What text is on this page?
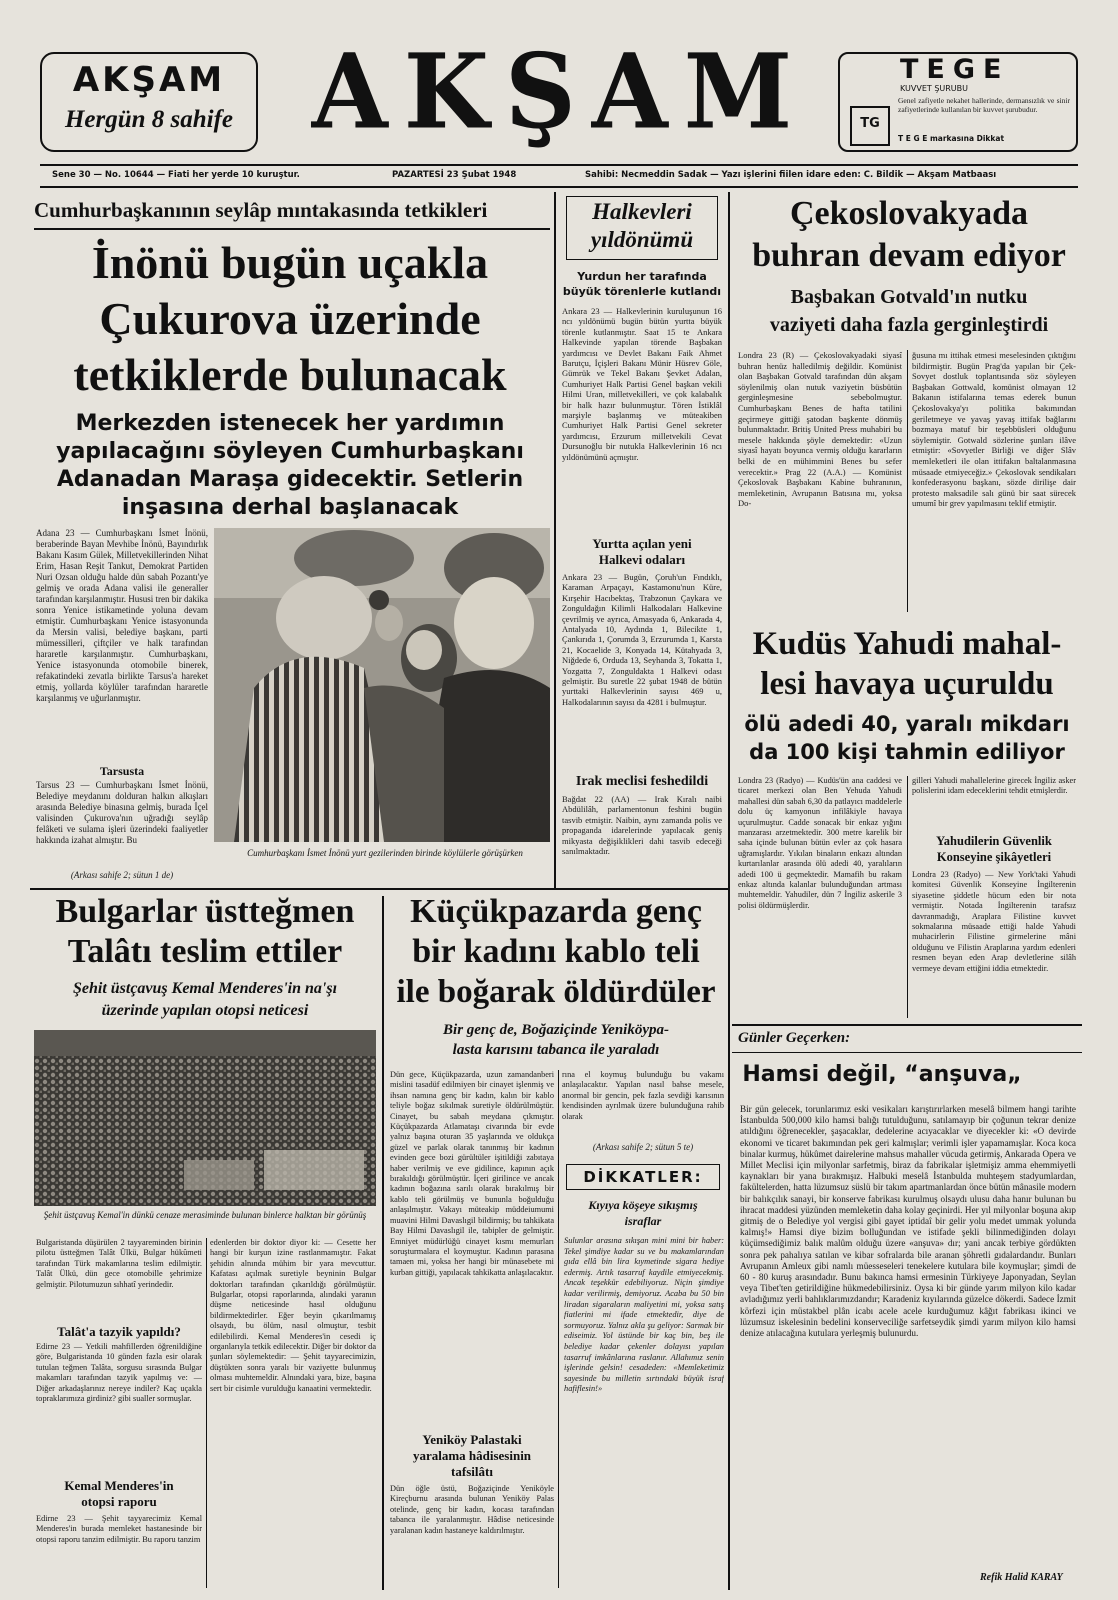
AKŞAM
Hergün 8 sahife AKŞAM	TEGE
KUVVET ŞURUBU
TG
Genel zafiyetle nekahet hallerinde, dermansızlık ve sinir zafiyetlerinde kullanılan bir kuvvet şurubudur.
T E G E markasına Dikkat
Sene 30 — No. 10644 — Fiati her yerde 10 kuruştur.	PAZARTESİ 23 Şubat 1948	Sahibi: Necmeddin Sadak — Yazı işlerini fiilen idare eden: C. Bildik — Akşam Matbaası
Cumhurbaşkanının seylâp mıntakasında tetkikleri
İnönü bugün uçakla
Çukurova üzerinde
tetkiklerde bulunacak
Merkezden istenecek her yardımın
yapılacağını söyleyen Cumhurbaşkanı
Adanadan Maraşa gidecektir. Setlerin
inşasına derhal başlanacak
Adana 23 — Cumhurbaşkanı İsmet İnönü, beraberinde Bayan Mevhibe İnönü, Bayındırlık Bakanı Kasım Gülek, Milletvekillerinden Nihat Erim, Hasan Reşit Tankut, Demokrat Partiden Nuri Ozsan olduğu halde dün sabah Pozantı'ye gelmiş ve orada Adana valisi ile generaller tarafından karşılanmıştır. Hususi tren bir dakika sonra Yenice istikametinde yoluna devam etmiştir. Cumhurbaşkanı Yenice istasyonunda da Mersin valisi, belediye başkanı, parti mümessilleri, çiftçiler ve halk tarafından hararetle karşılanmıştır. Cumhurbaşkanı, Yenice istasyonunda otomobile binerek, refakatindeki zevatla birlikte Tarsus'a hareket etmiş, yollarda köylüler tarafından hararetle karşılanmış ve uğurlanmıştır.
Tarsusta
Tarsus 23 — Cumhurbaşkanı İsmet İnönü, Belediye meydanını dolduran halkın alkışları arasında Belediye binasına gelmiş, burada İçel valisinden Çukurova'nın uğradığı seylâp felâketi ve sulama işleri üzerindeki faaliyetler hakkında izahat almıştır. Bu
(Arkası sahife 2; sütun 1 de)
Cumhurbaşkanı İsmet İnönü yurt gezilerinden birinde köylülerle görüşürken
Halkevleri
yıldönümü
Yurdun her tarafında
büyük törenlerle kutlandı
Ankara 23 — Halkevlerinin kuruluşunun 16 ncı yıldönümü bugün bütün yurtta büyük törenle kutlanmıştır. Saat 15 te Ankara Halkevinde yapılan törende Başbakan yardımcısı ve Devlet Bakanı Faik Ahmet Barutçu, İçişleri Bakanı Münir Hüsrev Göle, Gümrük ve Tekel Bakanı Şevket Adalan, Cumhuriyet Halk Partisi Genel başkan vekili Hilmi Uran, milletvekilleri, ve çok kalabalık bir halk hazır bulunmuştur. Tören İstiklâl marşiyle başlanmış ve müteakiben Cumhuriyet Halk Partisi Genel sekreter yardımcısı, Erzurum milletvekili Cevat Dursunoğlu bir nutukla Halkevlerinin 16 ncı yıldönümünü açmıştır.
Yurtta açılan yeni
Halkevi odaları
Ankara 23 — Bugün, Çoruh'un Fındıklı, Karaman Arpaçayı, Kastamonu'nun Küre, Kırşehir Hacıbektaş, Trabzonun Çaykara ve Zonguldağın Kilimli Halkodaları Halkevine çevrilmiş ve ayrıca, Amasyada 6, Ankarada 4, Antalyada 10, Aydında 1, Bilecikte 1, Çankırıda 1, Çorumda 3, Erzurumda 1, Karsta 21, Kocaelide 3, Konyada 14, Kütahyada 3, Niğdede 6, Orduda 13, Seyhanda 3, Tokatta 1, Yozgatta 7, Zonguldakta 1 Halkevi odası gelmiştir. Bu suretle 22 şubat 1948 de bütün yurttaki Halkevlerinin sayısı 469 u, Halkodalarının sayısı da 4281 i bulmuştur.
Irak meclisi feshedildi
Bağdat 22 (AA) — Irak Kıralı naibi Abdülilâh, parlamentonun feshini bugün tasvib etmiştir. Naibin, aynı zamanda polis ve propaganda idarelerinde yapılacak geniş mikyasta değişiklikleri dahi tasvib edeceği sanılmaktadır.
Çekoslovakyada
buhran devam ediyor
Başbakan Gotvald'ın nutku
vaziyeti daha fazla gerginleştirdi
Londra 23 (R) — Çekoslovakyadaki siyasî buhran henüz halledilmiş değildir. Komünist olan Başbakan Gotvald tarafından dün akşam söylenilmiş olan nutuk vaziyetin büsbütün gerginleşmesine sebebolmuştur. Cumhurbaşkanı Benes de hafta tatilini geçirmeye gittiği şatodan başkente dönmüş bulunmaktadır. Britiş United Press muhabiri bu mesele hakkında şöyle demektedir: «Uzun siyasî hayatı boyunca vermiş olduğu kararların belki de en mühimmini Benes bu sefer verecektir.» Prag 22 (A.A.) — Komünist Çekoslovak Başbakanı Kabine buhranının, memleketinin, Avrupanın Batısına mı, yoksa Do-
ğusuna mı ittihak etmesi meselesinden çıktığını bildirmiştir. Bugün Prag'da yapılan bir Çek-Sovyet dostluk toplantısında söz söyleyen Başbakan Gottwald, komünist olmayan 12 Bakanın istifalarına temas ederek bunun Çekoslovakya'yı politika bakımından geriletmeye ve yavaş yavaş ittifak bağlarını bozmaya matuf bir teşebbüsleri olduğunu söylemiştir. Gotwald sözlerine şunları ilâve etmiştir: «Sovyetler Birliği ve diğer Slâv memleketleri ile olan ittifakın baltalanmasına müsaade etmiyeceğiz.» Çekoslovak sendikaları konfederasyonu başkanı, sözde dirilişe dair protesto maksadile salı günü bir saat sürecek umumî bir grev yapılmasını teklif etmiştir.
Kudüs Yahudi mahal-
lesi havaya uçuruldu
ölü adedi 40, yaralı mikdarı
da 100 kişi tahmin ediliyor
Londra 23 (Radyo) — Kudüs'ün ana caddesi ve ticaret merkezi olan Ben Yehuda Yahudi mahallesi dün sabah 6,30 da patlayıcı maddelerle dolu üç kamyonun infilâkiyle havaya uçurulmuştur. Cadde sonacak bir enkaz yığını manzarası arzetmektedir. 300 metre karelik bir saha içinde bulunan bütün evler az çok hasara uğramışlardır. Yıkılan binaların enkazı altından kurtarılanlar arasında ölü adedi 40, yaralıların adedi 100 ü geçmektedir. Mamafih bu rakam enkaz altında kalanlar bulunduğundan artması muhtemeldir. Yahudiler, dün 7 İngiliz askerile 3 polisi öldürmüşlerdir.
gilleri Yahudi mahallelerine girecek İngiliz asker polislerini idam edeceklerini tehdit etmişlerdir.
Yahudilerin Güvenlik
Konseyine şikâyetleri
Londra 23 (Radyo) — New York'taki Yahudi komitesi Güvenlik Konseyine İngilterenin siyasetine şiddetle hücum eden bir nota vermiştir. Notada İngilterenin tarafsız davranmadığı, Araplara Filistine kuvvet sokmalarına müsaade ettiği halde Yahudi muhacirlerin Filistine girmelerine mâni olduğunu ve Filistin Araplarına yardım edenleri resmen beyan eden Arap devletlerine silâh vermeye devam ettiğini iddia etmektedir.
Günler Geçerken:
Hamsi değil, “anşuva„
Bir gün gelecek, torunlarımız eski vesikaları karıştırırlarken meselâ bilmem hangi tarihte İstanbulda 500,000 kilo hamsi balığı tutulduğunu, satılamayıp bir çoğunun tekrar denize atıldığını öğrenecekler, şaşacaklar, dedelerine acıyacaklar ve diyecekler ki: «O devirde ekonomi ve ticaret bakımından pek geri kalmışlar; verimli işler yapamamışlar. Koca koca binalar kurmuş, hükûmet dairelerine mahsus mahaller vücuda getirmiş, Ankarada Opera ve Millet Meclisi için milyonlar sarfetmiş, biraz da fabrikalar işletmişiz amma ehemmiyetli kaynakları bir yana bırakmışız. Halbuki meselâ İstanbulda muhteşem stadyumlardan, fakültelerden, hatta lüzumsuz süslü bir takım apartmanlardan önce bütün mânasile modern bir balıkçılık sanayi, bir konserve fabrikası kurulmuş olsaydı ulusu daha hanır bulunan bu ihracat maddesi yüzünden memleketin daha kolay geçinirdi. Her yıl milyonlar boşuna akıp gitmiş de o Belediye yol vergisi gibi gayet iptidaî bir gelir yolu medet ummak yolunda kalmış!» Hamsi diye bizim bolluğundan ve istifade şekli bilinmediğinden dolayı küçümsediğimiz balık malûm olduğu üzere «anşuva» dır; yani ancak terbiye gördükten sonra pek pahalıya satılan ve kibar sofralarda bile aranan şöhretli gıdalardandır. Bunları Avrupanın Amleux gibi namlı müesseseleri tenekelere kutulara bile koymuşlar; şimdi de 60 - 80 kuruş arasındadır. Bunu bakınca hamsi ermesinin Türkiyeye Japonyadan, Seylan veya Tibet'ten getirildiğine hükmedebilirsiniz. Oysa ki bir günde yarım milyon kilo kadar avladığımız yerli bahlıklarımızdandır; Karadeniz kıyılarında güzelce dökerdi. Sadece İzmit körfezi için müstakbel plân icabı acele acele kurduğumuz kâğıt fabrikası ikinci ve lüzumsuz iskelesinin bedelini konserveciliğe sarfetseydik şimdi yarım milyon kilo hamsi denize atılacağına kutulara yerleşmiş bulunurdu.
Refik Halid KARAY
Bulgarlar üstteğmen
Talâtı teslim ettiler
Şehit üstçavuş Kemal Menderes'in na'şı
üzerinde yapılan otopsi neticesi
Şehit üstçavuş Kemal'in dünkü cenaze merasiminde bulunan binlerce halktan bir görünüş
Bulgaristanda düşürülen 2 tayyareminden birinin pilotu üstteğmen Talât Ülkü, Bulgar hükûmeti tarafından Türk makamlarına teslim edilmiştir. Talât Ülkü, dün gece otomobille şehrimize gelmiştir. Pilotumuzun sıhhatî yerindedir.
Talât'a tazyik yapıldı?
Edirne 23 — Yetkili mahfillerden öğrenildiğine göre, Bulgaristanda 10 günden fazla esir olarak tutulan teğmen Talâta, sorgusu sırasında Bulgar makamları tarafından tazyik yapılmış ve: — Diğer arkadaşlarınız nereye indiler? Kaç uçakla topraklarımıza girdiniz? gibi sualler sormuşlar.
Kemal Menderes'in
otopsi raporu
Edirne 23 — Şehit tayyarecimiz Kemal Menderes'in burada memleket hastanesinde bir otopsi raporu tanzim edilmiştir. Bu raporu tanzim
edenlerden bir doktor diyor ki: — Cesette her hangi bir kurşun izine rastlanmamıştır. Fakat şehidin alnında mühim bir yara mevcuttur. Kafatası açılmak suretiyle beyninin Bulgar doktorları tarafından çıkarıldığı görülmüştür. Bulgarlar, otopsi raporlarında, alındaki yaranın düşme neticesinde hasıl olduğunu bildirmektedirler. Eğer beyin çıkarılmamış olsaydı, bu ölüm, nasıl olmuştur, tesbit edilebilirdi. Kemal Menderes'in cesedi iç organlarıyla tetkik edilecektir. Diğer bir doktor da şunları söylemektedir: — Şehit tayyarecimizin, düştükten sonra yaralı bir vaziyette bulunmuş olması muhtemeldir. Alnındaki yara, bize, başına sert bir cisimle vurulduğu kanaatini vermektedir.
Küçükpazarda genç
bir kadını kablo teli
ile boğarak öldürdüler
Bir genç de, Boğaziçinde Yeniköypa-
lasta karısını tabanca ile yaraladı
Dün gece, Küçükpazarda, uzun zamandanberi mislini tasadüf edilmiyen bir cinayet işlenmiş ve ihsan namına genç bir kadın, kalın bir kablo teliyle boğaz sıkılmak suretiyle öldürülmüştür. Cinayet, bu sabah meydana çıkmıştır. Küçükpazarda Atlamataşı civarında bir evde yalnız başına oturan 35 yaşlarında ve oldukça güzel ve parlak olarak tanınmış bir kadının evinden gece bozi gürültüler işitildiği zabıtaya haber verilmiş ve eve gidilince, kapının açık bırakıldığı görülmüştür. İçeri girilince ve ancak kadının boğazına sarılı olarak bırakılmış bir kablo teli görülmüş ve bununla boğulduğu anlaşılmıştır. Vakayı müteakip müddeiumumi muavini Hilmi Davaslıgil bildirmiş; bu tahkikata Bay Hilmi Davaslıgil ile, tabipler de gelmiştir. Emniyet müdürlüğü cinayet kısmı memurları soruşturmalara el koymuştur. Kadının parasına tamaen mi, yoksa her hangi bir münasebete mi kurban gittiği, yapılacak tahkikatta anlaşılacaktır.
rına el koymuş bulunduğu bu vakamı anlaşılacaktır. Yapılan nasıl bahse mesele, anormal bir gencin, pek fazla sevdiği karısının kendisinden ayrılmak üzere bulunduğuna rahib olarak
(Arkası sahife 2; sütun 5 te)
Yeniköy Palastaki
yaralama hâdisesinin
tafsilâtı
Dün öğle üstü, Boğaziçinde Yeniköyle Kireçburnu arasında bulunan Yeniköy Palas otelinde, genç bir kadın, kocası tarafından tabanca ile yaralanmıştır. Hâdise neticesinde yaralanan kadın hastaneye kaldırılmıştır.
DİKKATLER:
Kıyıya köşeye sıkışmış
israflar
Sulunlar arasına sıkışan mini mini bir haber: Tekel şimdiye kadar su ve bu makamlarından gıda ellâ bin lira kıymetinde sigara hediye edermiş. Artık tasarruf kaydile etmiyecekmiş. Ancak teşekkür edebiliyoruz. Niçin şimdiye kadar verilirmiş, demiyoruz. Acaba bu 50 bin liradan sigaraların maliyetini mi, yoksa satış fiatlerini mi ifade etmektedir, diye de sormuyoruz. Yalnız akla şu geliyor: Sarmak bir ediseimiz. Yol üstünde bir kaç bin, beş ile belediye kadar çekenler dolayısı yapılan tasarruf imkânlarına raslanır. Allahımız senin işlerinde gelsin! cesadeden: «Memleketimiz sayesinde bu milletin sırtındaki büyük israf hafiflesin!»
